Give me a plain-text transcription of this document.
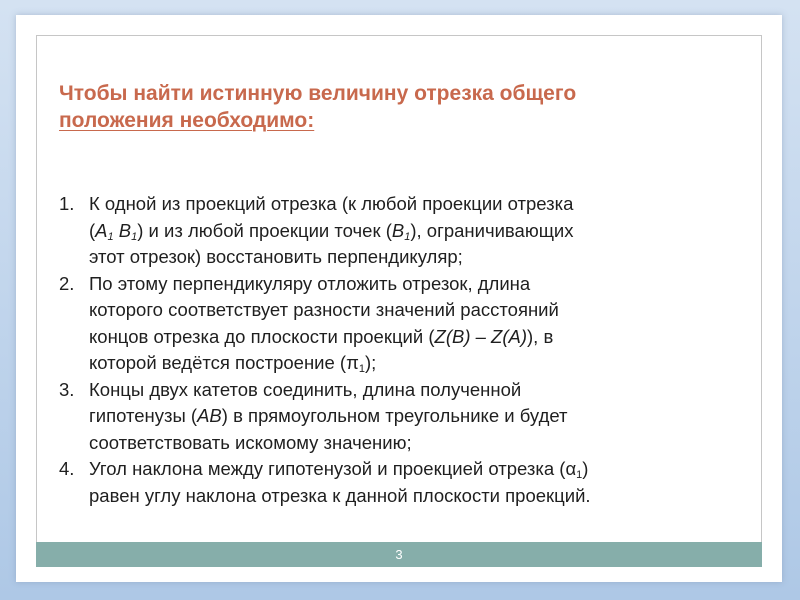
Чтобы найти истинную величину отрезка общего
положения необходимо:
1. К одной из проекций отрезка (к любой проекции отрезка
($A_1$ $B_1$) и из любой проекции точек $(B_1)$, ограничивающих
этот отрезок) восстановить перпендикуляр;
2. По этому перпендикуляру отложить отрезок, длина
которого соответствует разности значений расстояний
концов отрезка до плоскости проекций (Z(B) – Z(A)), в
которой ведётся построение $(\pi_1)$;
3. Концы двух катетов соединить, длина полученной
гипотенузы (AB) в прямоугольном треугольнике и будет
соответствовать искомому значению;
4. Угол наклона между гипотенузой и проекцией отрезка $(\alpha_1)$
равен углу наклона отрезка к данной плоскости проекций.
3
